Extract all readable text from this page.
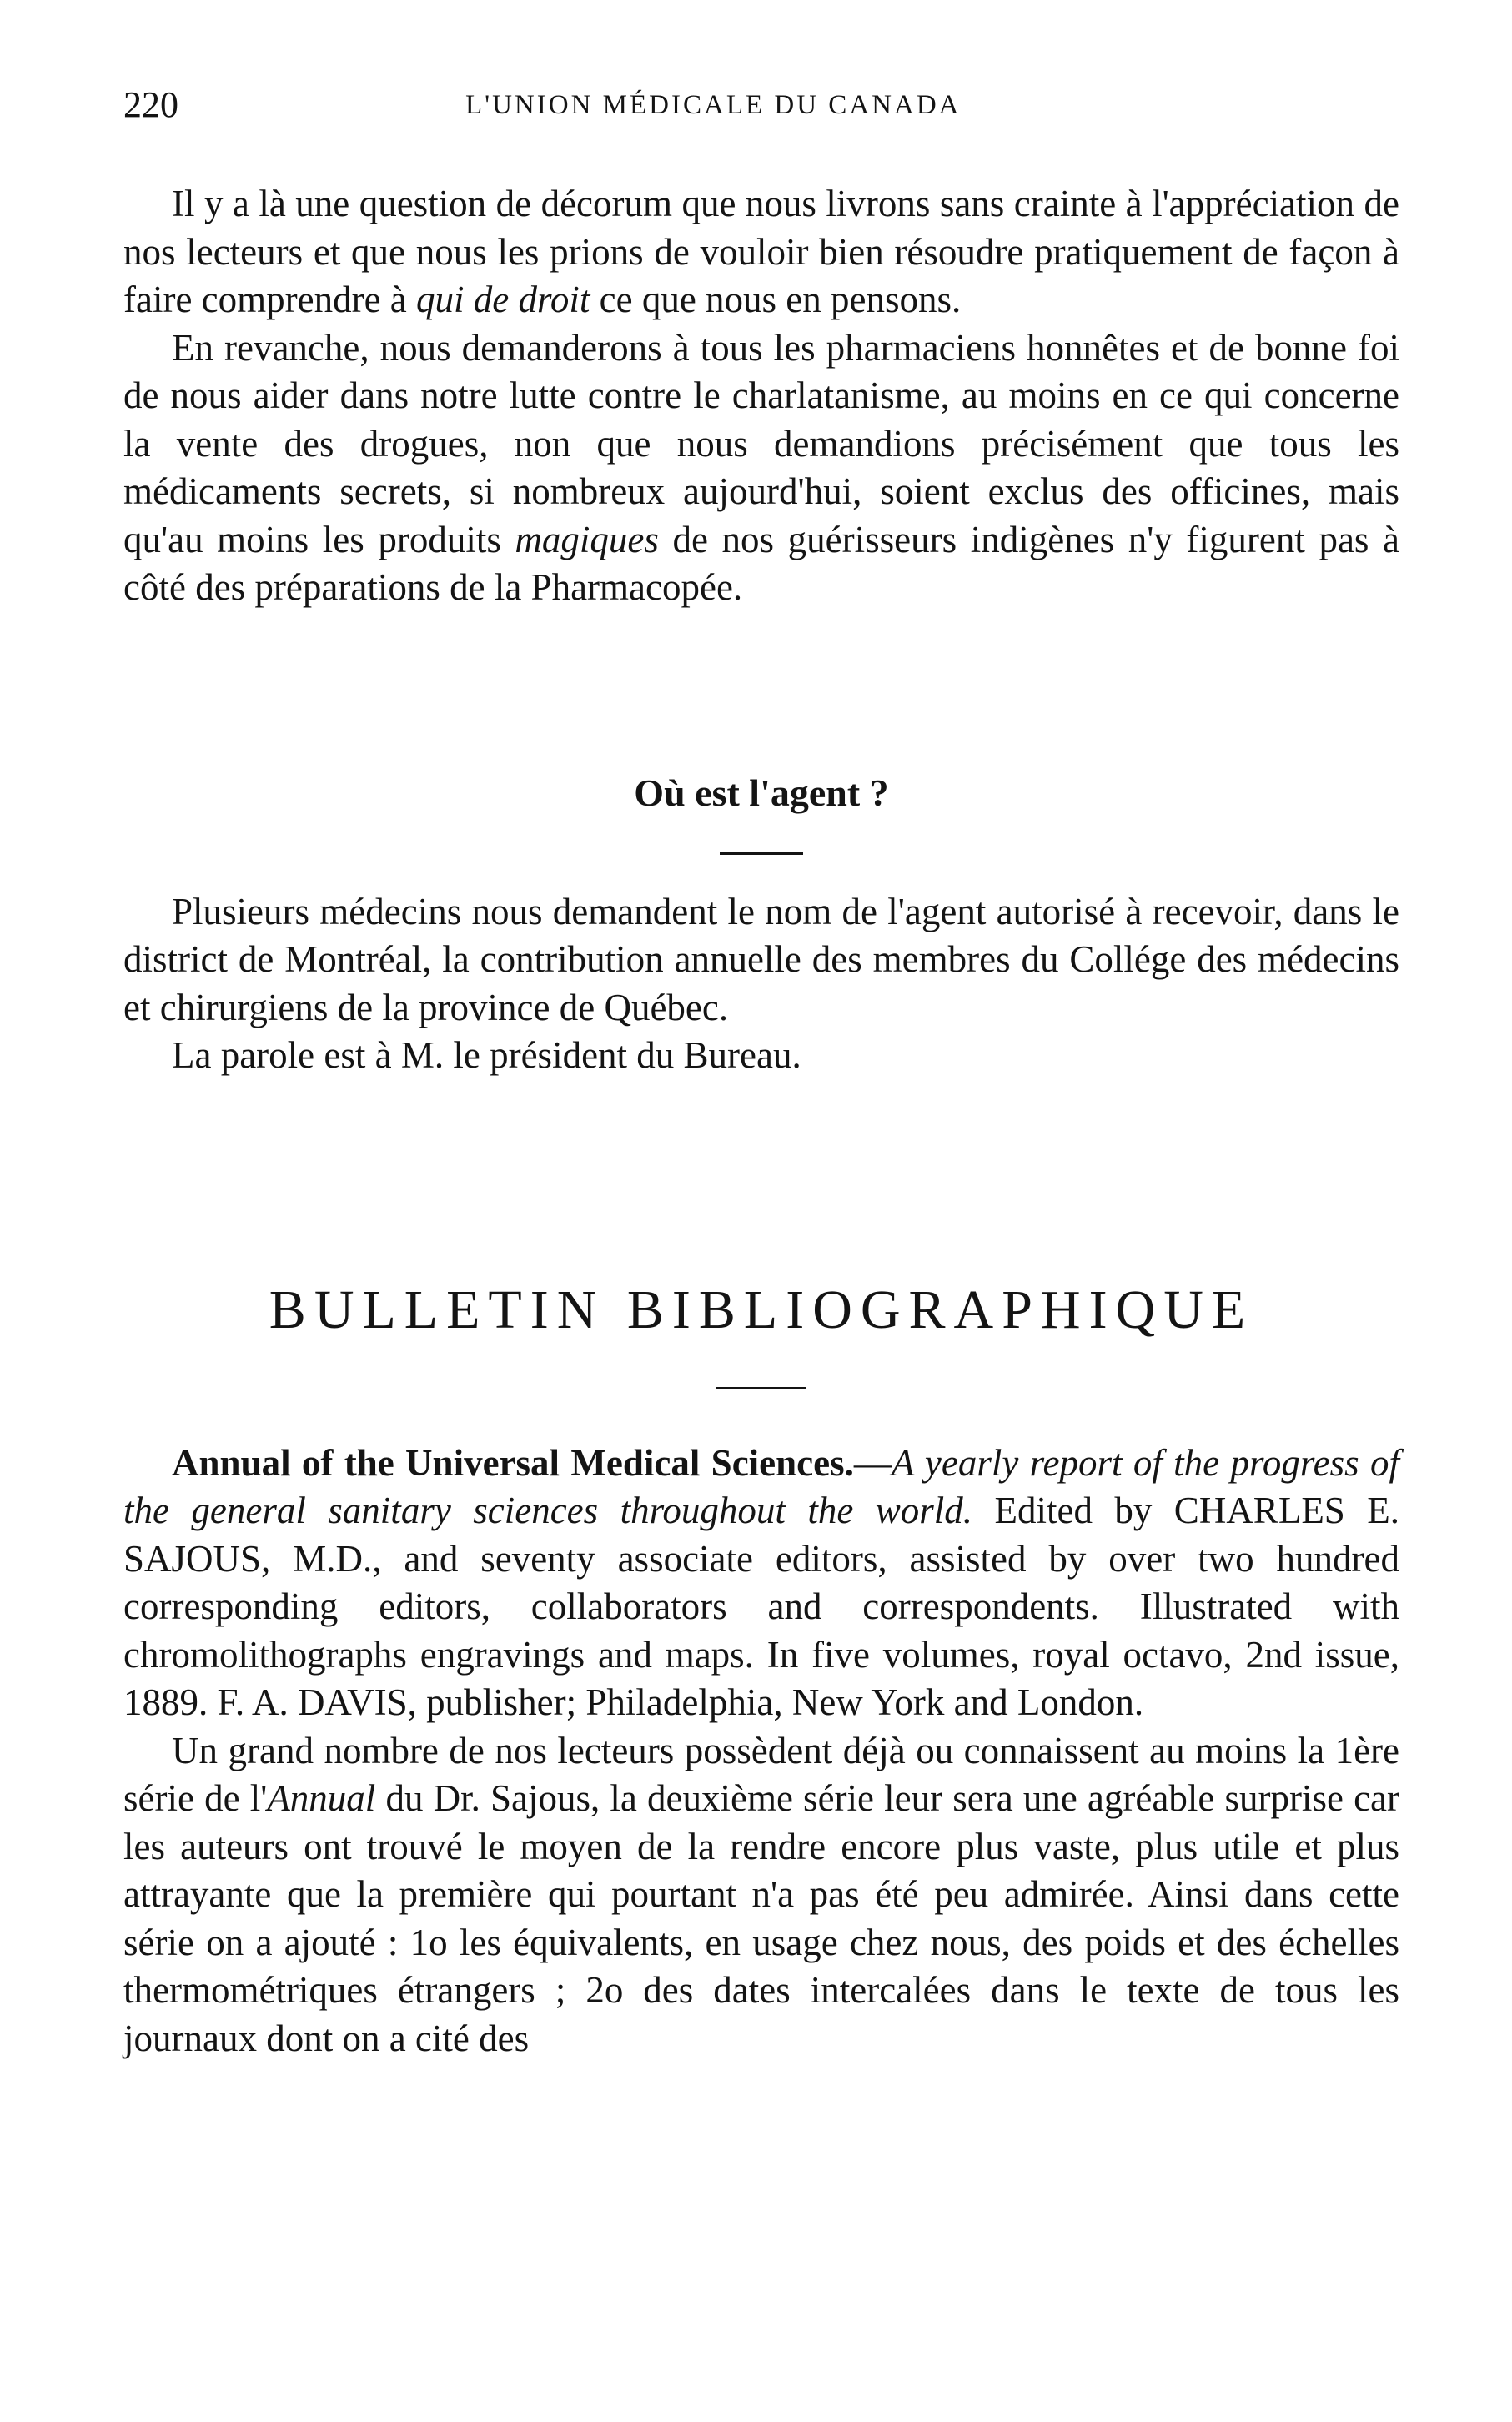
220	L'UNION MÉDICALE DU CANADA

Il y a là une question de décorum que nous livrons sans crainte à l'appréciation de nos lecteurs et que nous les prions de vouloir bien résoudre pratiquement de façon à faire comprendre à qui de droit ce que nous en pensons.

En revanche, nous demanderons à tous les pharmaciens honnêtes et de bonne foi de nous aider dans notre lutte contre le charlatanisme, au moins en ce qui concerne la vente des drogues, non que nous demandions précisément que tous les médicaments secrets, si nombreux aujourd'hui, soient exclus des officines, mais qu'au moins les produits magiques de nos guérisseurs indigènes n'y figurent pas à côté des préparations de la Pharmacopée.

Où est l'agent ?

Plusieurs médecins nous demandent le nom de l'agent autorisé à recevoir, dans le district de Montréal, la contribution annuelle des membres du Collége des médecins et chirurgiens de la province de Québec.

La parole est à M. le président du Bureau.

BULLETIN BIBLIOGRAPHIQUE

Annual of the Universal Medical Sciences.—A yearly report of the progress of the general sanitary sciences throughout the world. Edited by CHARLES E. SAJOUS, M.D., and seventy associate editors, assisted by over two hundred corresponding editors, collaborators and correspondents. Illustrated with chromolithographs engravings and maps. In five volumes, royal octavo, 2nd issue, 1889. F. A. DAVIS, publisher; Philadelphia, New York and London.

Un grand nombre de nos lecteurs possèdent déjà ou connaissent au moins la 1ère série de l'Annual du Dr. Sajous, la deuxième série leur sera une agréable surprise car les auteurs ont trouvé le moyen de la rendre encore plus vaste, plus utile et plus attrayante que la première qui pourtant n'a pas été peu admirée. Ainsi dans cette série on a ajouté : 1o les équivalents, en usage chez nous, des poids et des échelles thermométriques étrangers ; 2o des dates intercalées dans le texte de tous les journaux dont on a cité des
